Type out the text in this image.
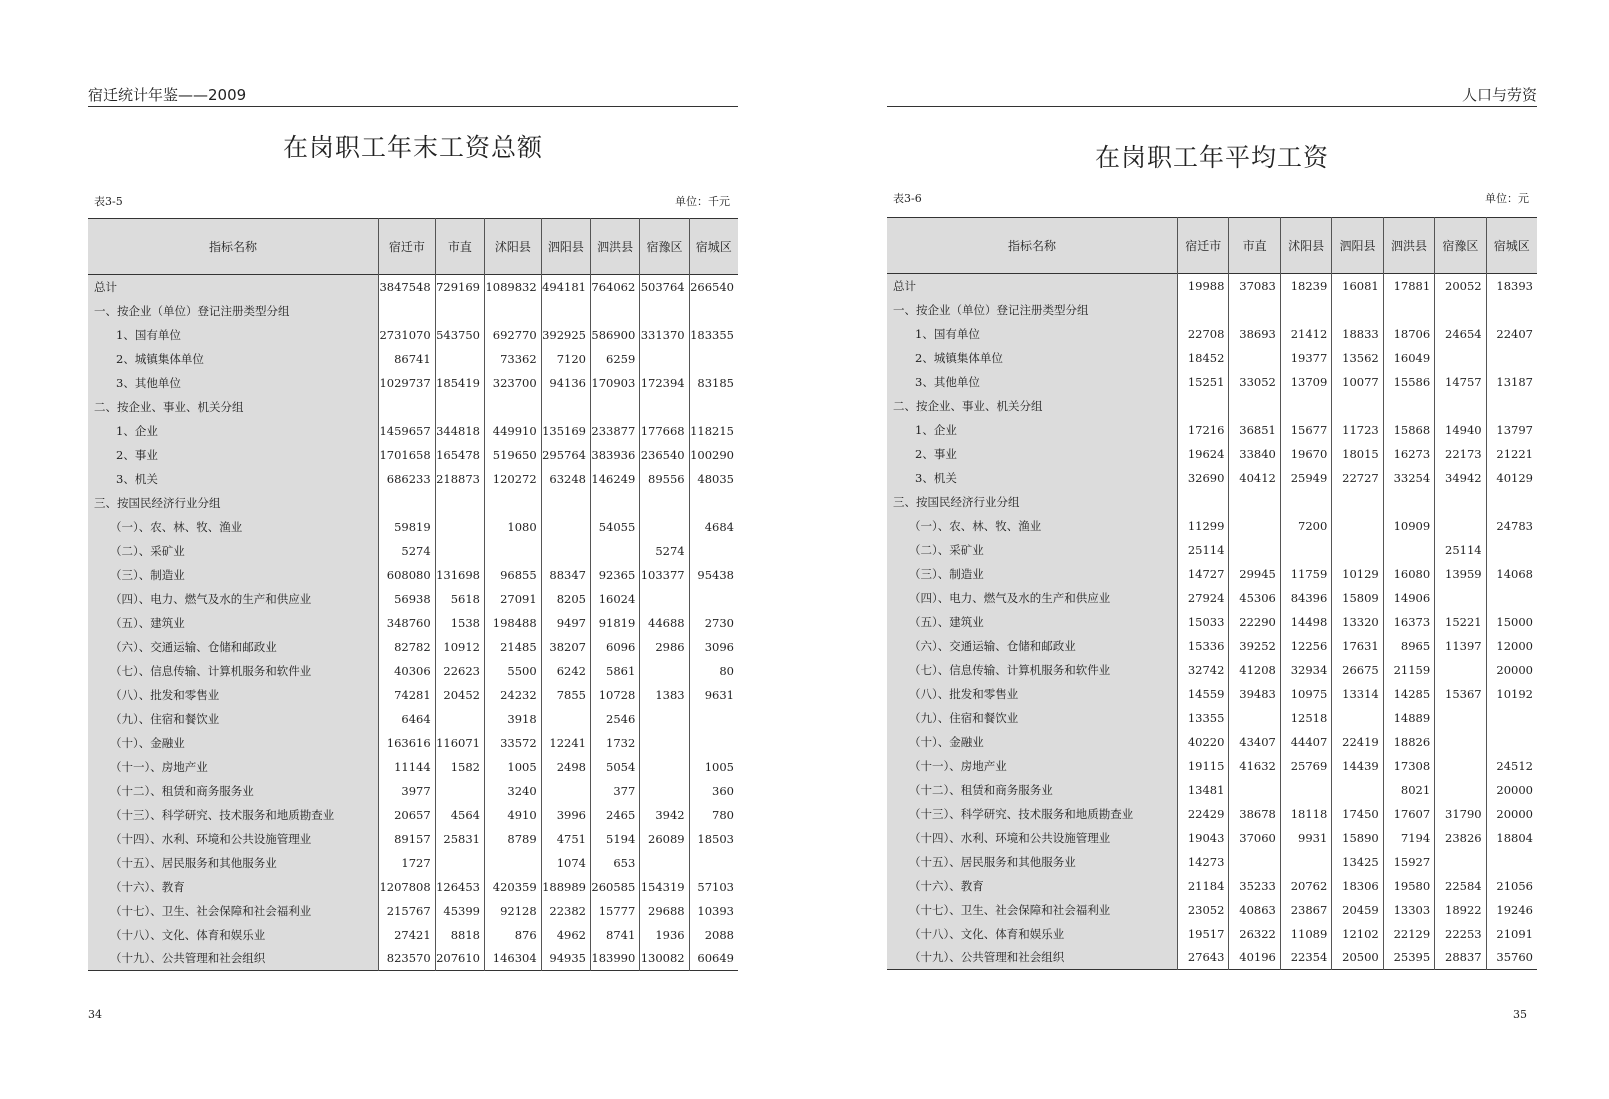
宿迁统计年鉴——2009
在岗职工年末工资总额
表3-5	单位：千元
指标名称	宿迁市	市直	沭阳县	泗阳县	泗洪县	宿豫区	宿城区
总计	3847548	729169	1089832	494181	764062	503764	266540
一、按企业（单位）登记注册类型分组							
1、国有单位	2731070	543750	692770	392925	586900	331370	183355
2、城镇集体单位	86741		73362	7120	6259		
3、其他单位	1029737	185419	323700	94136	170903	172394	83185
二、按企业、事业、机关分组							
1、企业	1459657	344818	449910	135169	233877	177668	118215
2、事业	1701658	165478	519650	295764	383936	236540	100290
3、机关	686233	218873	120272	63248	146249	89556	48035
三、按国民经济行业分组							
（一）、农、林、牧、渔业	59819		1080		54055		4684
（二）、采矿业	5274					5274	
（三）、制造业	608080	131698	96855	88347	92365	103377	95438
（四）、电力、燃气及水的生产和供应业	56938	5618	27091	8205	16024		
（五）、建筑业	348760	1538	198488	9497	91819	44688	2730
（六）、交通运输、仓储和邮政业	82782	10912	21485	38207	6096	2986	3096
（七）、信息传输、计算机服务和软件业	40306	22623	5500	6242	5861		80
（八）、批发和零售业	74281	20452	24232	7855	10728	1383	9631
（九）、住宿和餐饮业	6464		3918		2546		
（十）、金融业	163616	116071	33572	12241	1732		
（十一）、房地产业	11144	1582	1005	2498	5054		1005
（十二）、租赁和商务服务业	3977		3240		377		360
（十三）、科学研究、技术服务和地质勘查业	20657	4564	4910	3996	2465	3942	780
（十四）、水利、环境和公共设施管理业	89157	25831	8789	4751	5194	26089	18503
（十五）、居民服务和其他服务业	1727			1074	653		
（十六）、教育	1207808	126453	420359	188989	260585	154319	57103
（十七）、卫生、社会保障和社会福利业	215767	45399	92128	22382	15777	29688	10393
（十八）、文化、体育和娱乐业	27421	8818	876	4962	8741	1936	2088
（十九）、公共管理和社会组织	823570	207610	146304	94935	183990	130082	60649
34
人口与劳资
在岗职工年平均工资
表3-6	单位：元
指标名称	宿迁市	市直	沭阳县	泗阳县	泗洪县	宿豫区	宿城区
总计	19988	37083	18239	16081	17881	20052	18393
一、按企业（单位）登记注册类型分组							
1、国有单位	22708	38693	21412	18833	18706	24654	22407
2、城镇集体单位	18452		19377	13562	16049		
3、其他单位	15251	33052	13709	10077	15586	14757	13187
二、按企业、事业、机关分组							
1、企业	17216	36851	15677	11723	15868	14940	13797
2、事业	19624	33840	19670	18015	16273	22173	21221
3、机关	32690	40412	25949	22727	33254	34942	40129
三、按国民经济行业分组							
（一）、农、林、牧、渔业	11299		7200		10909		24783
（二）、采矿业	25114					25114	
（三）、制造业	14727	29945	11759	10129	16080	13959	14068
（四）、电力、燃气及水的生产和供应业	27924	45306	84396	15809	14906		
（五）、建筑业	15033	22290	14498	13320	16373	15221	15000
（六）、交通运输、仓储和邮政业	15336	39252	12256	17631	8965	11397	12000
（七）、信息传输、计算机服务和软件业	32742	41208	32934	26675	21159		20000
（八）、批发和零售业	14559	39483	10975	13314	14285	15367	10192
（九）、住宿和餐饮业	13355		12518		14889		
（十）、金融业	40220	43407	44407	22419	18826		
（十一）、房地产业	19115	41632	25769	14439	17308		24512
（十二）、租赁和商务服务业	13481				8021		20000
（十三）、科学研究、技术服务和地质勘查业	22429	38678	18118	17450	17607	31790	20000
（十四）、水利、环境和公共设施管理业	19043	37060	9931	15890	7194	23826	18804
（十五）、居民服务和其他服务业	14273			13425	15927		
（十六）、教育	21184	35233	20762	18306	19580	22584	21056
（十七）、卫生、社会保障和社会福利业	23052	40863	23867	20459	13303	18922	19246
（十八）、文化、体育和娱乐业	19517	26322	11089	12102	22129	22253	21091
（十九）、公共管理和社会组织	27643	40196	22354	20500	25395	28837	35760
35
